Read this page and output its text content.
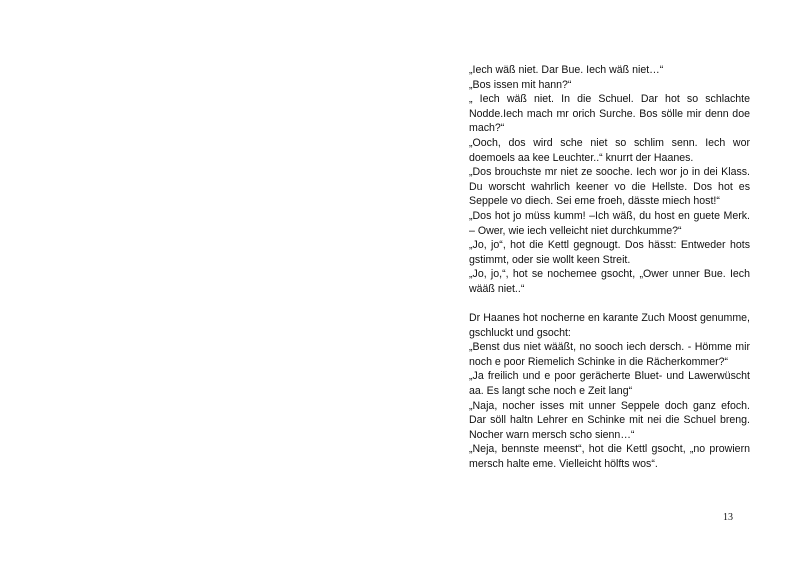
„Iech wäß niet. Dar Bue. Iech wäß niet…“

„Bos issen mit hann?“

„ Iech wäß niet. In die Schuel. Dar hot so schlachte Nodde.Iech mach mr orich Surche. Bos sölle mir denn doe mach?“

„Ooch, dos wird sche niet so schlim senn. Iech wor doemoels aa kee Leuchter..“ knurrt der Haanes.

„Dos brouchste mr niet ze sooche. Iech wor jo in dei Klass. Du worscht wahrlich keener vo die Hellste. Dos hot es Seppele vo diech. Sei eme froeh, dässte miech host!“

„Dos hot jo müss kumm! –Ich wäß, du host en guete Merk. – Ower, wie iech velleicht niet durchkumme?“

„Jo, jo“, hot die Kettl gegnougt. Dos hässt: Entweder hots gstimmt, oder sie wollt keen Streit.

„Jo, jo,“, hot se nochemee gsocht, „Ower unner Bue. Iech wääß niet..“

Dr Haanes hot nocherne en karante Zuch Moost genumme, gschluckt und gsocht:

„Benst dus niet wääßt, no sooch iech dersch. - Hömme mir noch e poor Riemelich Schinke in die Rächerkommer?“

„Ja freilich und e poor gerächerte Bluet- und Lawerwüscht aa. Es langt sche noch e Zeit lang“

„Naja, nocher isses mit unner Seppele doch ganz efoch. Dar söll haltn Lehrer en Schinke mit nei die Schuel breng. Nocher warn mersch scho sienn…“

„Neja, bennste meenst“, hot die Kettl gsocht, „no prowiern mersch halte eme. Vielleicht hölfts wos“.

13
